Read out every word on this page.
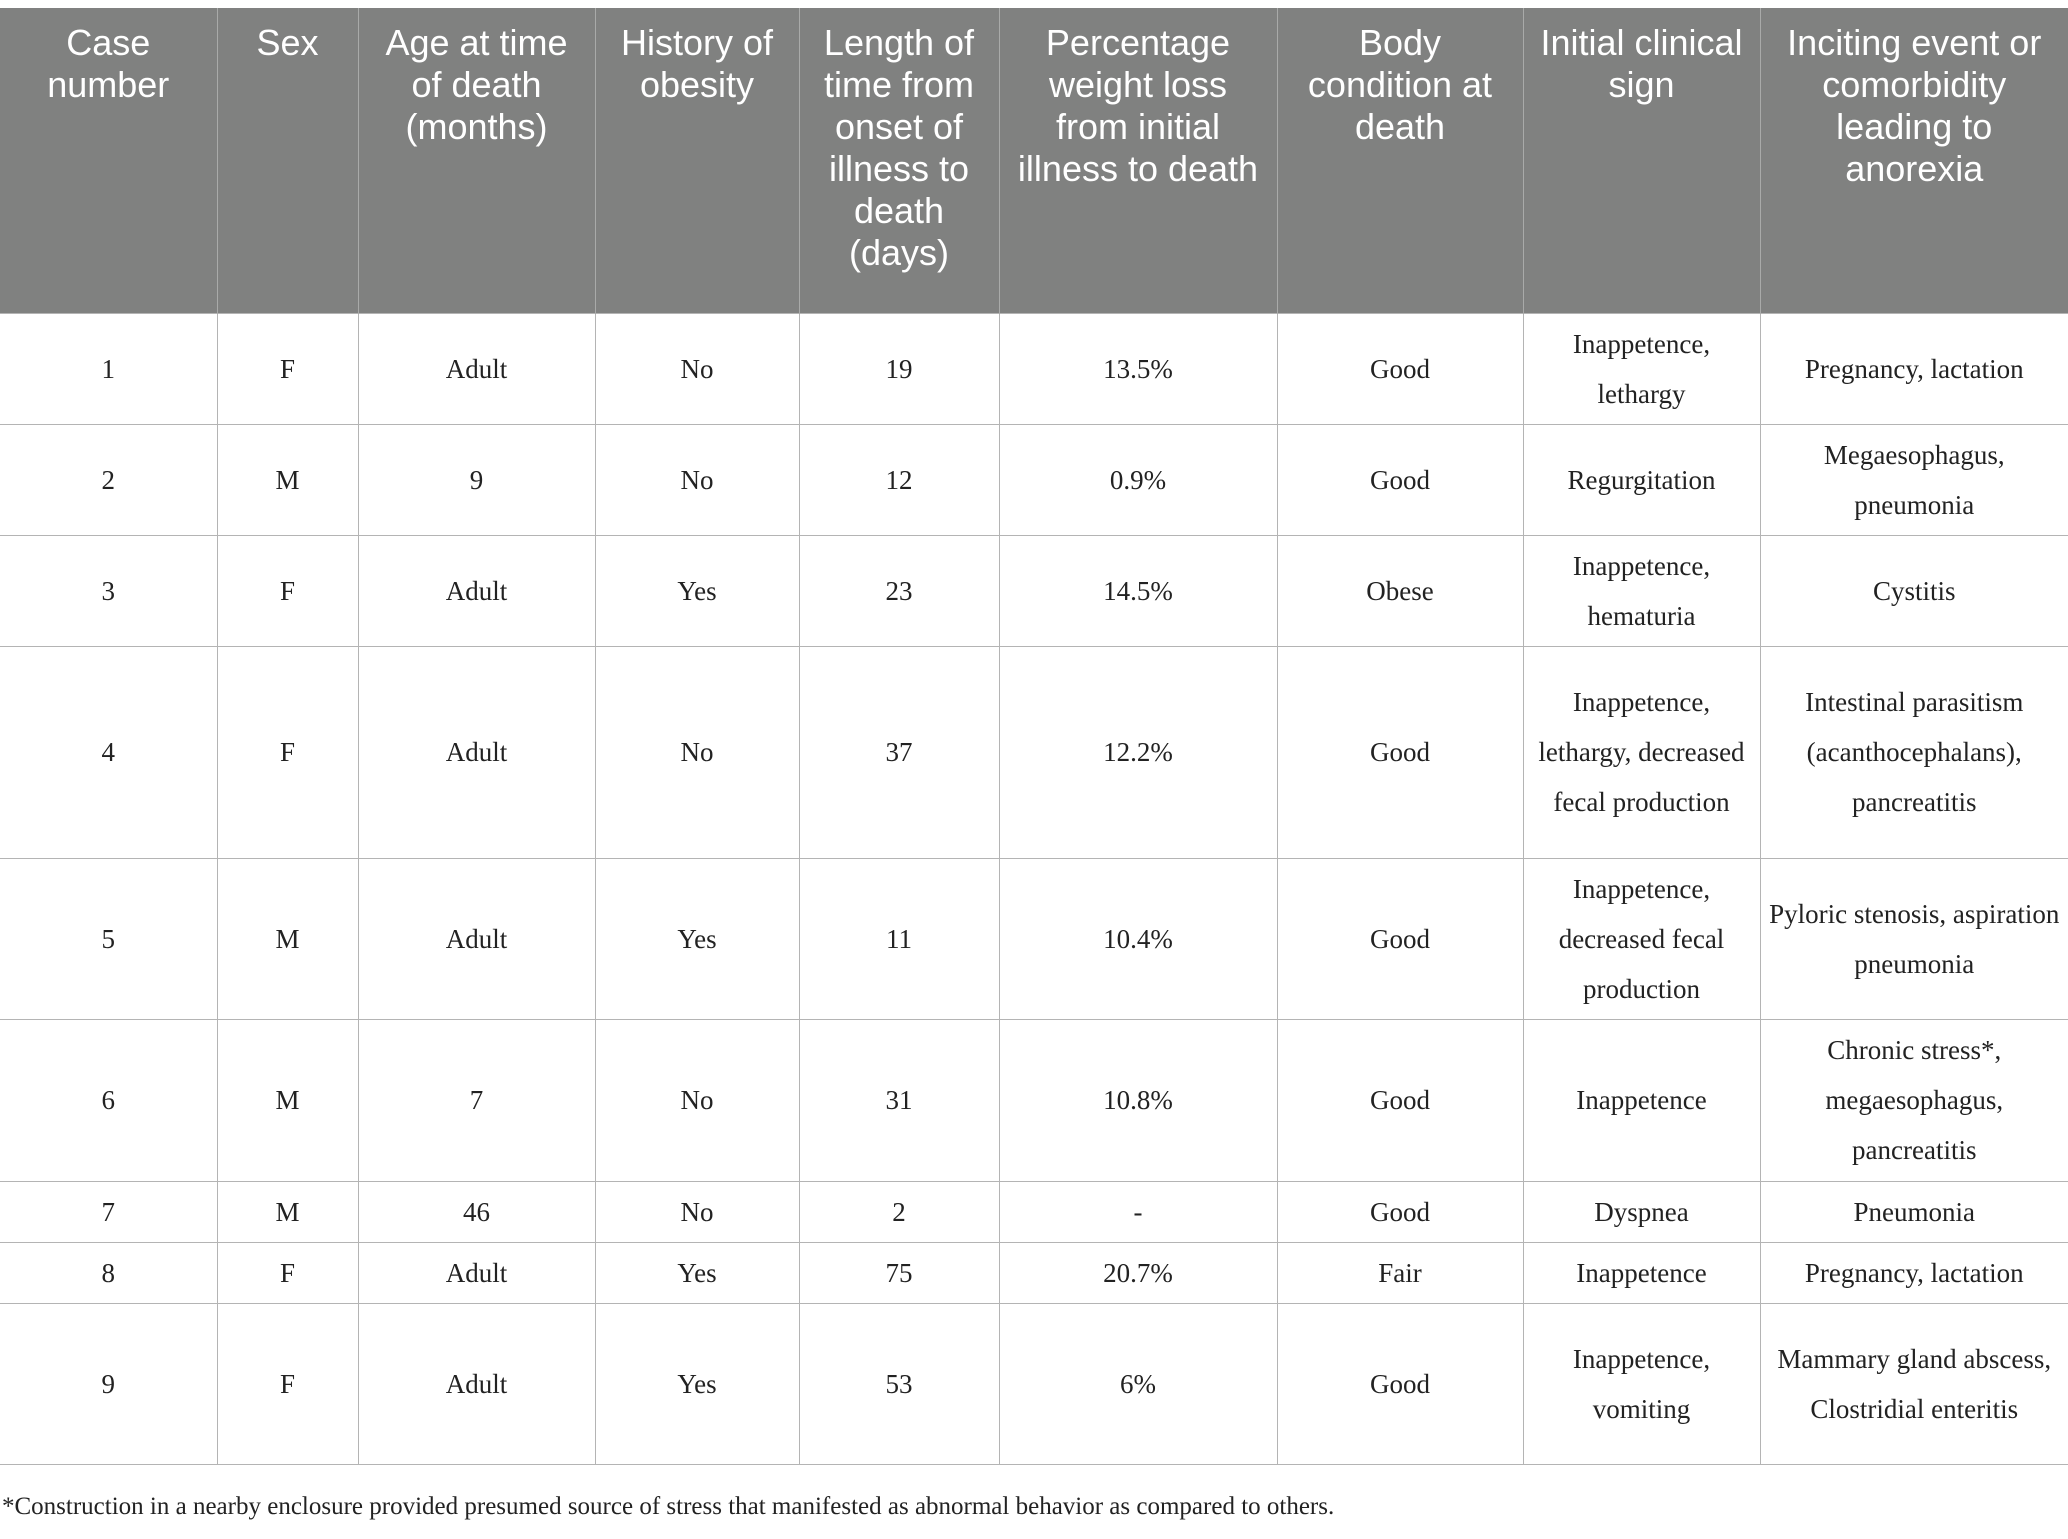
Case number	Sex	Age at time of death (months)	History of obesity	Length of time from onset of illness to death (days)	Percentage weight loss from initial illness to death	Body condition at death	Initial clinical sign	Inciting event or comorbidity leading to anorexia
1	F	Adult	No	19	13.5%	Good	Inappetence, lethargy	Pregnancy, lactation
2	M	9	No	12	0.9%	Good	Regurgitation	Megaesophagus, pneumonia
3	F	Adult	Yes	23	14.5%	Obese	Inappetence, hematuria	Cystitis
4	F	Adult	No	37	12.2%	Good	Inappetence, lethargy, decreased fecal production	Intestinal parasitism (acanthocephalans), pancreatitis
5	M	Adult	Yes	11	10.4%	Good	Inappetence, decreased fecal production	Pyloric stenosis, aspiration pneumonia
6	M	7	No	31	10.8%	Good	Inappetence	Chronic stress*, megaesophagus, pancreatitis
7	M	46	No	2	-	Good	Dyspnea	Pneumonia
8	F	Adult	Yes	75	20.7%	Fair	Inappetence	Pregnancy, lactation
9	F	Adult	Yes	53	6%	Good	Inappetence, vomiting	Mammary gland abscess, Clostridial enteritis
*Construction in a nearby enclosure provided presumed source of stress that manifested as abnormal behavior as compared to others.
